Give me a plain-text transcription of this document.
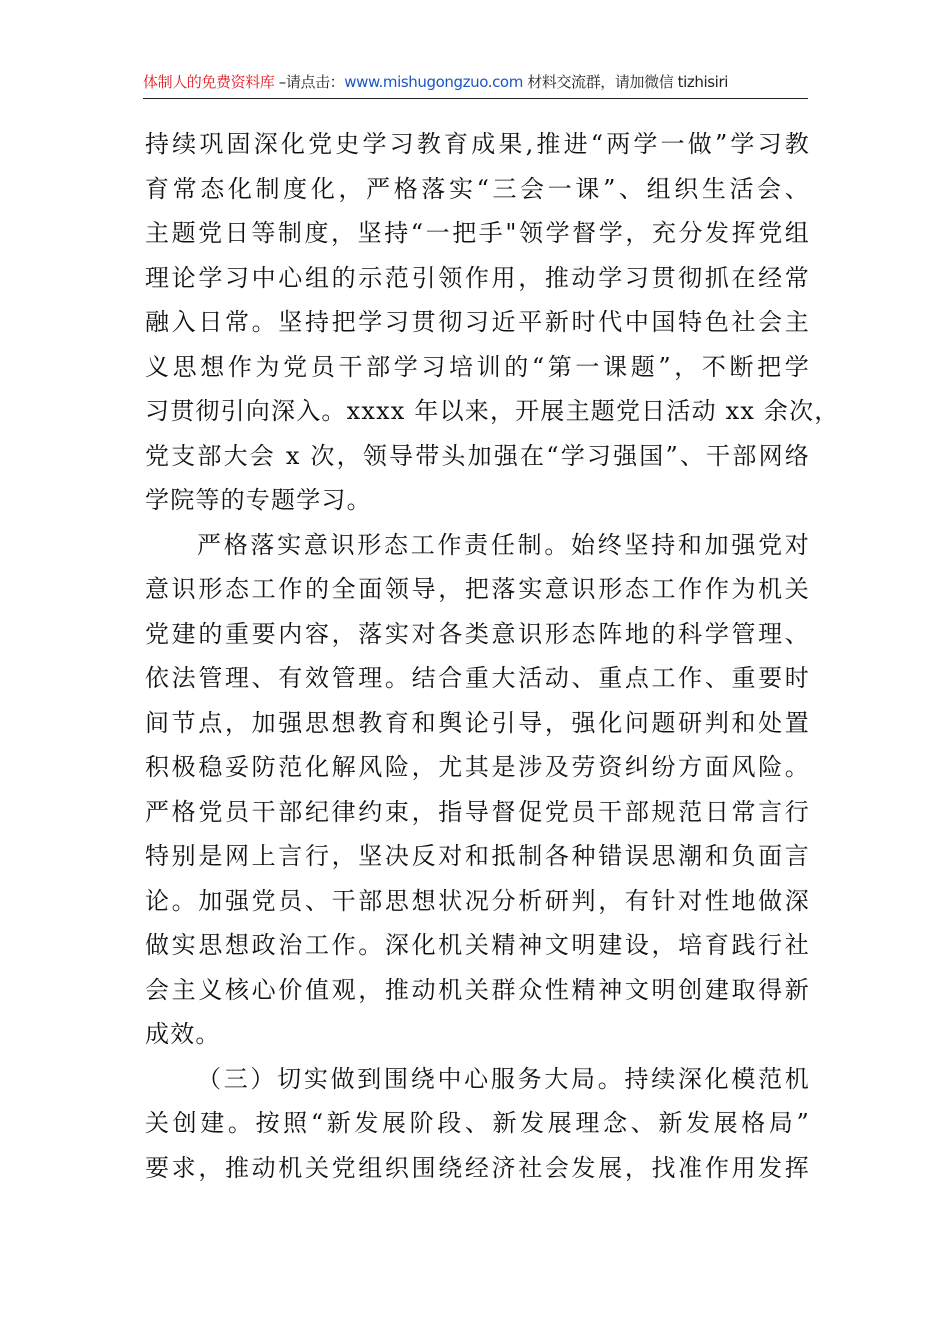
体制人的免费资料库 –请点击：www.mishugongzuo.com 材料交流群，请加微信 tizhisiri
持续巩固深化党史学习教育成果,推进“两学一做”学习教
育常态化制度化，严格落实“三会一课”、组织生活会、
主题党日等制度，坚持“一把手"领学督学，充分发挥党组
理论学习中心组的示范引领作用，推动学习贯彻抓在经常
融入日常。坚持把学习贯彻习近平新时代中国特色社会主
义思想作为党员干部学习培训的“第一课题”，不断把学
习贯彻引向深入。xxxx 年以来，开展主题党日活动 xx 余次，
党支部大会 x 次，领导带头加强在“学习强国”、干部网络
学院等的专题学习。
严格落实意识形态工作责任制。始终坚持和加强党对
意识形态工作的全面领导，把落实意识形态工作作为机关
党建的重要内容，落实对各类意识形态阵地的科学管理、
依法管理、有效管理。结合重大活动、重点工作、重要时
间节点，加强思想教育和舆论引导，强化问题研判和处置
积极稳妥防范化解风险，尤其是涉及劳资纠纷方面风险。
严格党员干部纪律约束，指导督促党员干部规范日常言行
特别是网上言行，坚决反对和抵制各种错误思潮和负面言
论。加强党员、干部思想状况分析研判，有针对性地做深
做实思想政治工作。深化机关精神文明建设，培育践行社
会主义核心价值观，推动机关群众性精神文明创建取得新
成效。
（三）切实做到围绕中心服务大局。持续深化模范机
关创建。按照“新发展阶段、新发展理念、新发展格局”
要求，推动机关党组织围绕经济社会发展，找准作用发挥
